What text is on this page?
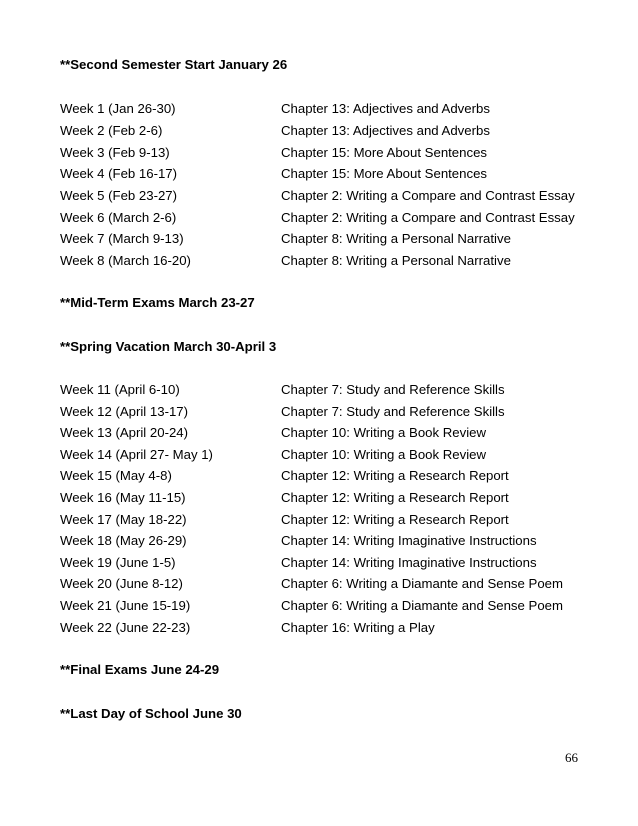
**Second Semester Start January 26
Week 1 (Jan 26-30)	Chapter 13: Adjectives and Adverbs
Week 2 (Feb 2-6)	Chapter 13: Adjectives and Adverbs
Week 3 (Feb 9-13)	Chapter 15: More About Sentences
Week 4 (Feb 16-17)	Chapter 15: More About Sentences
Week 5 (Feb 23-27)	Chapter 2: Writing a Compare and Contrast Essay
Week 6 (March 2-6)	Chapter 2: Writing a Compare and Contrast Essay
Week 7 (March 9-13)	Chapter 8: Writing a Personal Narrative
Week 8 (March 16-20)	Chapter 8: Writing a Personal Narrative
**Mid-Term Exams March 23-27
**Spring Vacation March 30-April 3
Week 11 (April 6-10)	Chapter 7: Study and Reference Skills
Week 12 (April 13-17)	Chapter 7: Study and Reference Skills
Week 13 (April 20-24)	Chapter 10: Writing a Book Review
Week 14 (April 27- May 1)	Chapter 10: Writing a Book Review
Week 15 (May 4-8)	Chapter 12: Writing a Research Report
Week 16 (May 11-15)	Chapter 12: Writing a Research Report
Week 17 (May 18-22)	Chapter 12: Writing a Research Report
Week 18 (May 26-29)	Chapter 14: Writing Imaginative Instructions
Week 19 (June 1-5)	Chapter 14: Writing Imaginative Instructions
Week 20 (June 8-12)	Chapter 6: Writing a Diamante and Sense Poem
Week 21 (June 15-19)	Chapter 6: Writing a Diamante and Sense Poem
Week 22 (June 22-23)	Chapter 16: Writing a Play
**Final Exams June 24-29
**Last Day of School June 30
66
